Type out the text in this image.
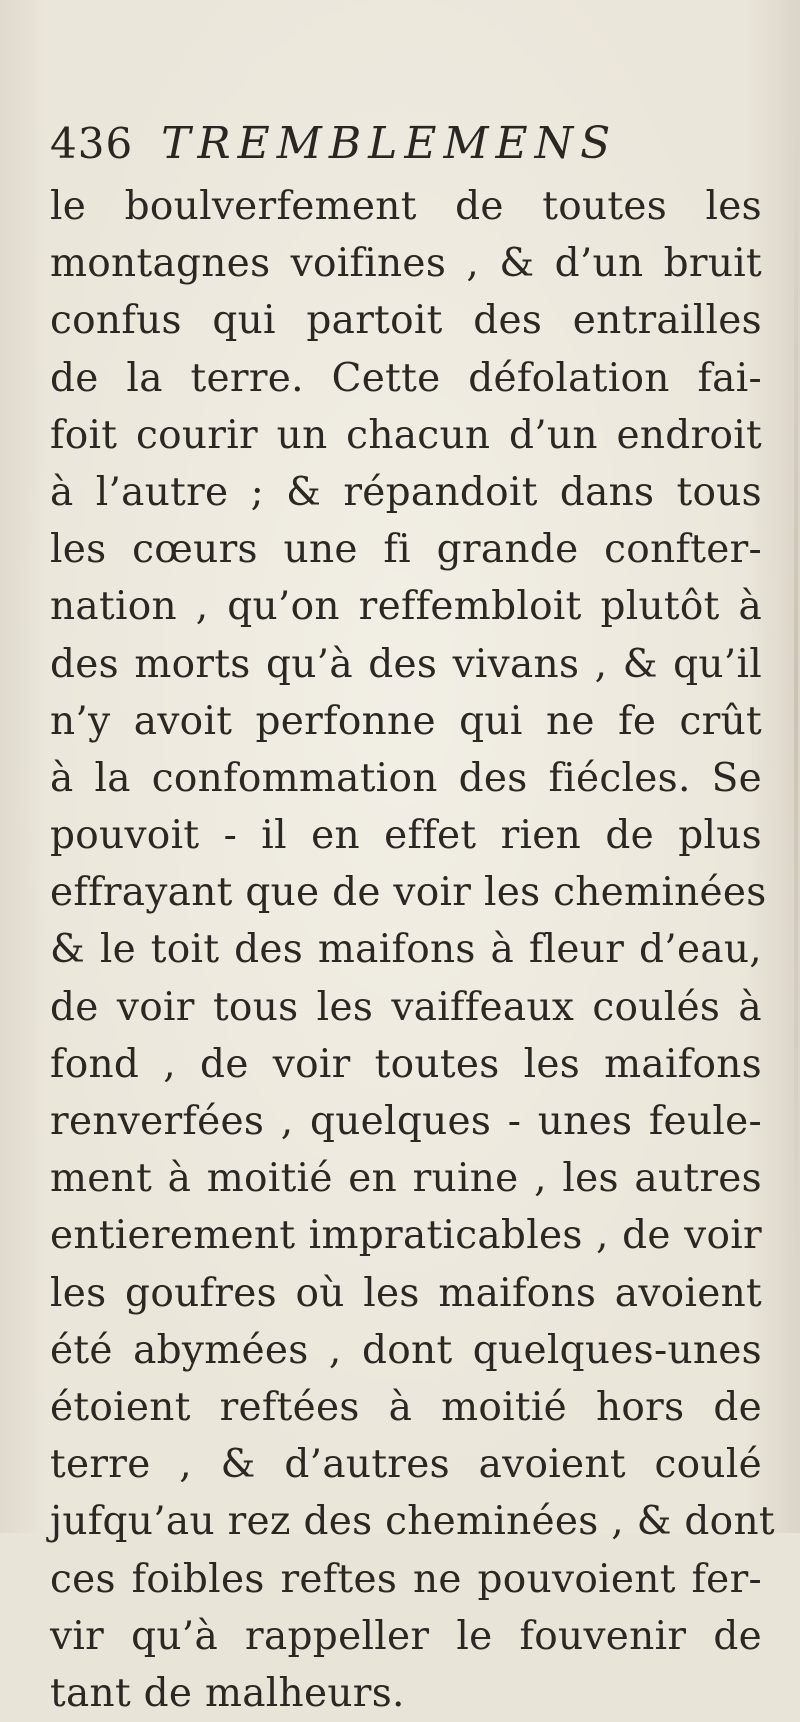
436 TREMBLEMENS
le boulverfement de toutes les
montagnes voifines , & d’un bruit
confus qui partoit des entrailles
de la terre. Cette défolation fai-
foit courir un chacun d’un endroit
à l’autre ; & répandoit dans tous
les cœurs une fi grande confter-
nation , qu’on reffembloit plutôt à
des morts qu’à des vivans , & qu’il
n’y avoit perfonne qui ne fe crût
à la confommation des fiécles. Se
pouvoit - il en effet rien de plus
effrayant que de voir les cheminées
& le toit des maifons à fleur d’eau,
de voir tous les vaiffeaux coulés à
fond , de voir toutes les maifons
renverfées , quelques - unes feule-
ment à moitié en ruine , les autres
entierement impraticables , de voir
les goufres où les maifons avoient
été abymées , dont quelques-unes
étoient reftées à moitié hors de
terre , & d’autres avoient coulé
jufqu’au rez des cheminées , & dont
ces foibles reftes ne pouvoient fer-
vir qu’à rappeller le fouvenir de
tant de malheurs.
